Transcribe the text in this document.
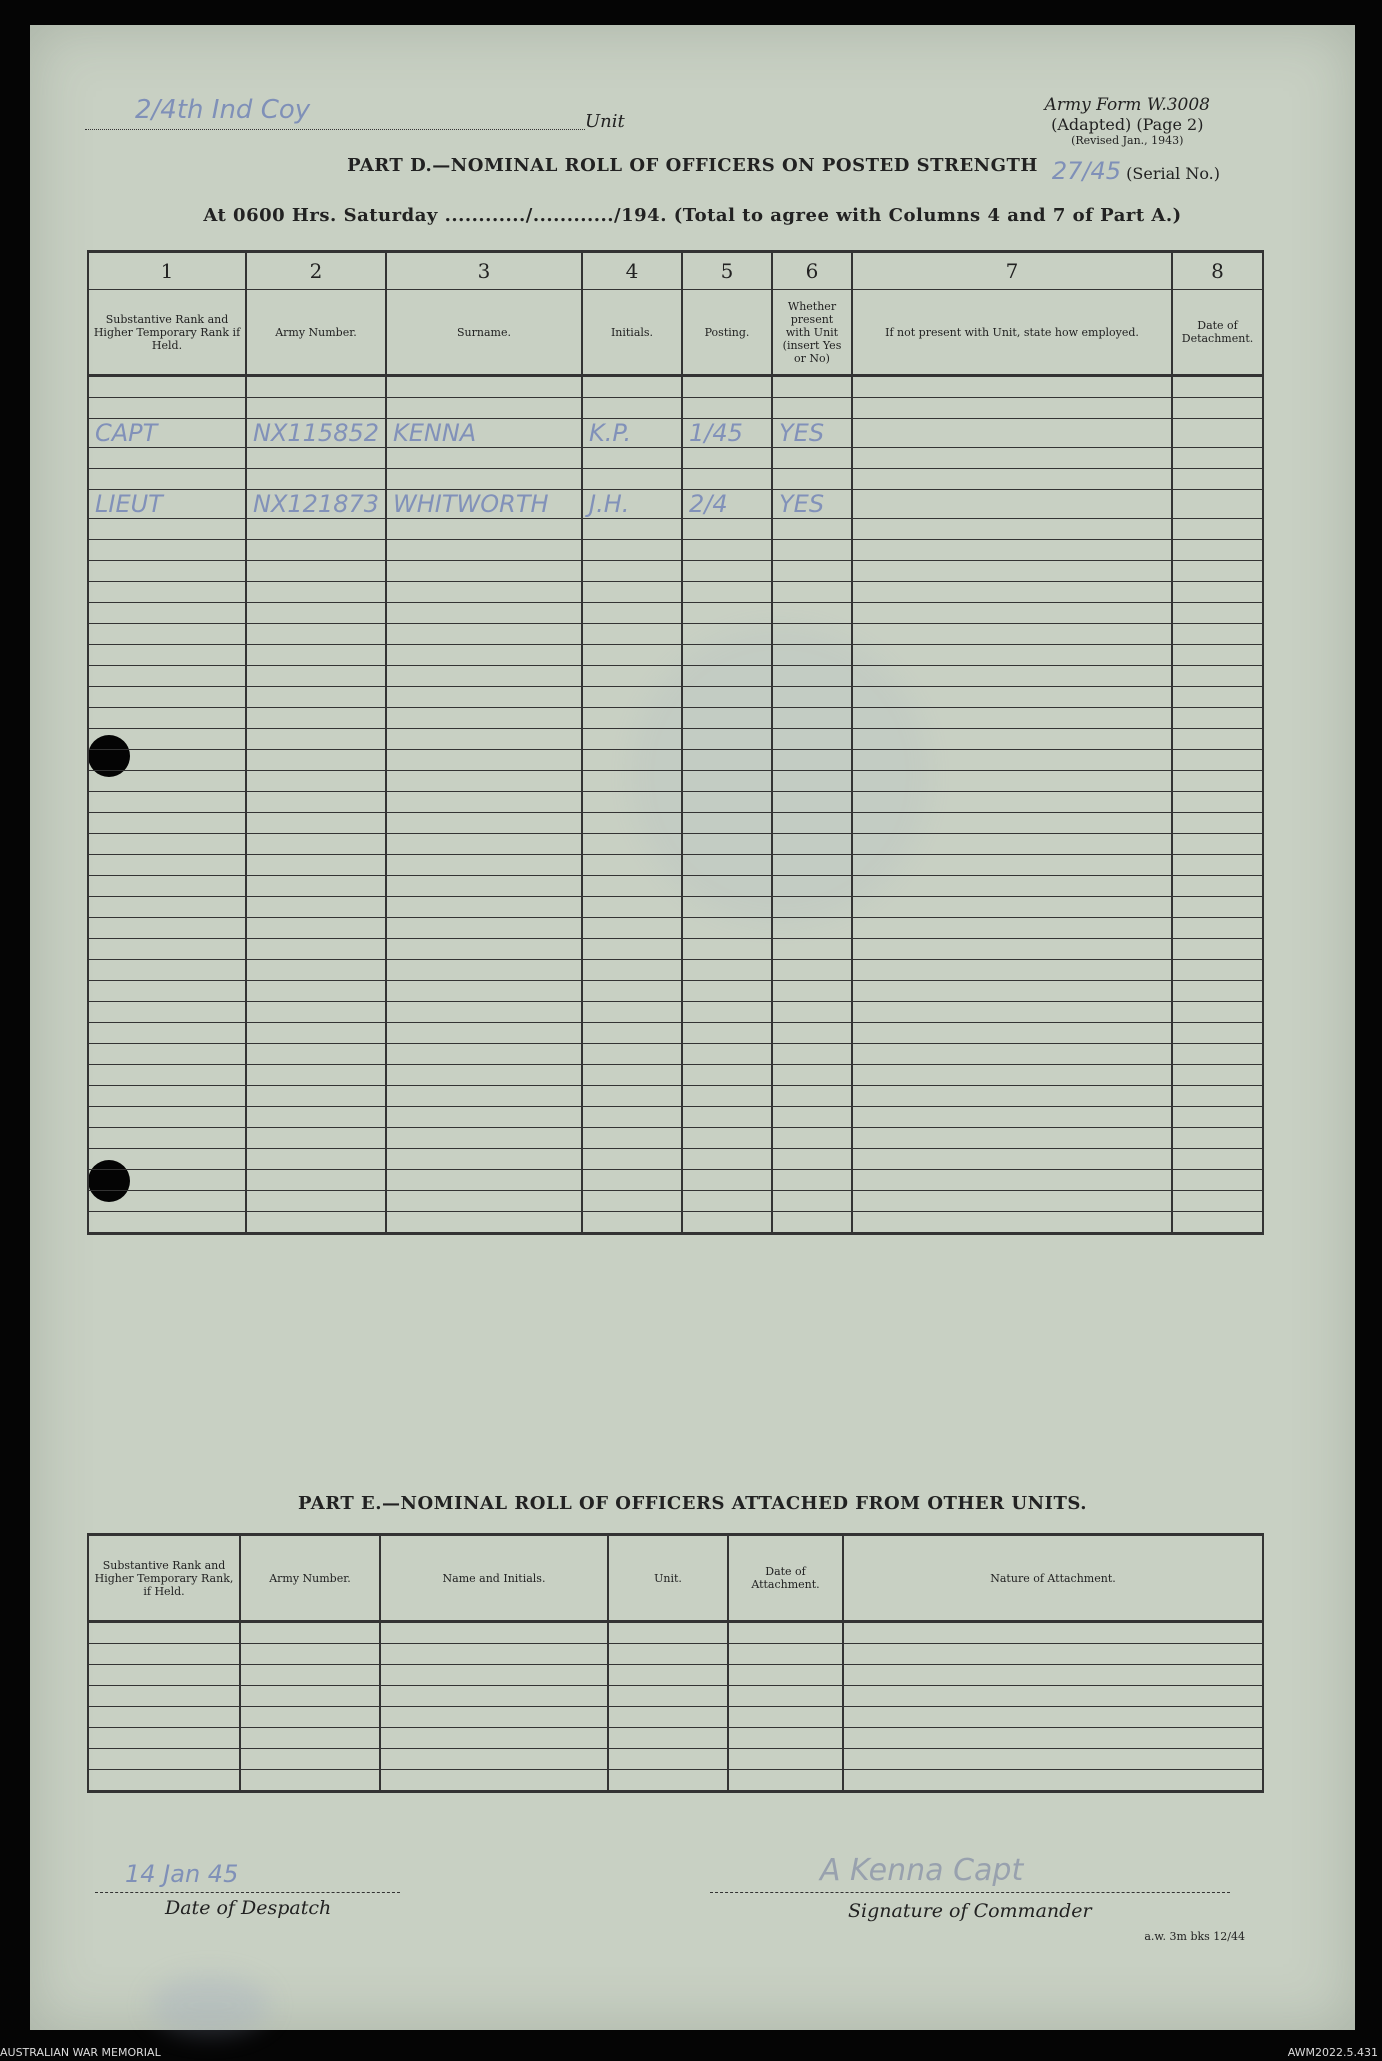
2/4th Ind Coy	Unit
Army Form W.3008
(Adapted) (Page 2)
(Revised Jan., 1943)
27/45 (Serial No.)
PART D.—NOMINAL ROLL OF OFFICERS ON POSTED STRENGTH
At 0600 Hrs. Saturday ............/............/194. (Total to agree with Columns 4 and 7 of Part A.)
1	2	3	4	5	6	7	8
Substantive Rank and Higher Temporary Rank if Held.	Army Number.	Surname.	Initials.	Posting.	Whether present with Unit (insert Yes or No)	If not present with Unit, state how employed.	Date of Detachment.

CAPT	NX115852	KENNA	K.P.	1/45	YES		

LIEUT	NX121873	WHITWORTH	J.H.	2/4	YES		

PART E.—NOMINAL ROLL OF OFFICERS ATTACHED FROM OTHER UNITS.
Substantive Rank and Higher Temporary Rank, if Held.	Army Number.	Name and Initials.	Unit.	Date of Attachment.	Nature of Attachment.

14 Jan 45
Date of Despatch
A Kenna Capt
Signature of Commander
a.w. 3m bks 12/44
AUSTRALIAN WAR MEMORIAL	AWM2022.5.431
